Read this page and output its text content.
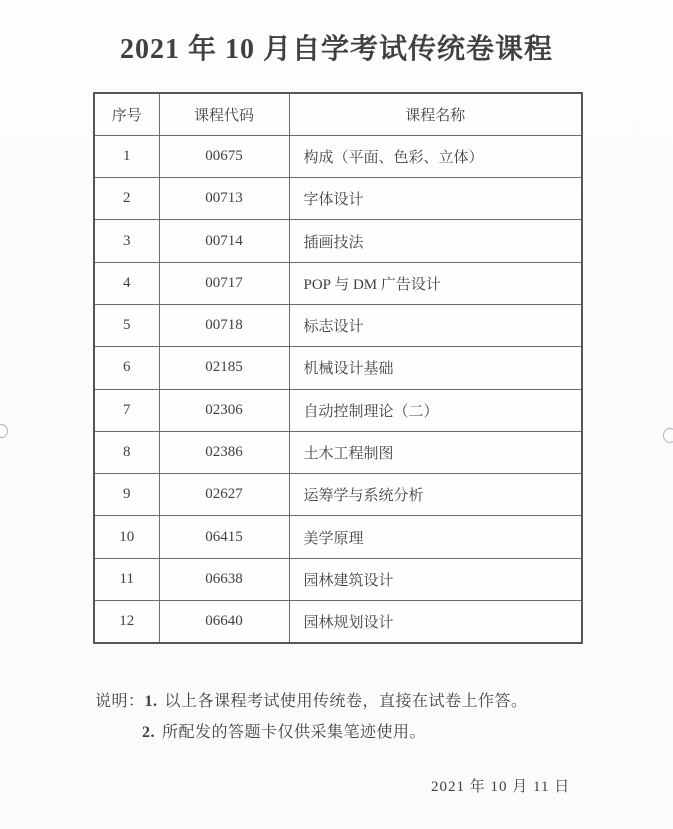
2021 年 10 月自学考试传统卷课程
序号	课程代码	课程名称
1	00675	构成（平面、色彩、立体）
2	00713	字体设计
3	00714	插画技法
4	00717	POP 与 DM 广告设计
5	00718	标志设计
6	02185	机械设计基础
7	02306	自动控制理论（二）
8	02386	土木工程制图
9	02627	运筹学与系统分析
10	06415	美学原理
11	06638	园林建筑设计
12	06640	园林规划设计
说明：1. 以上各课程考试使用传统卷，直接在试卷上作答。
2. 所配发的答题卡仅供采集笔迹使用。
2021 年 10 月 11 日
